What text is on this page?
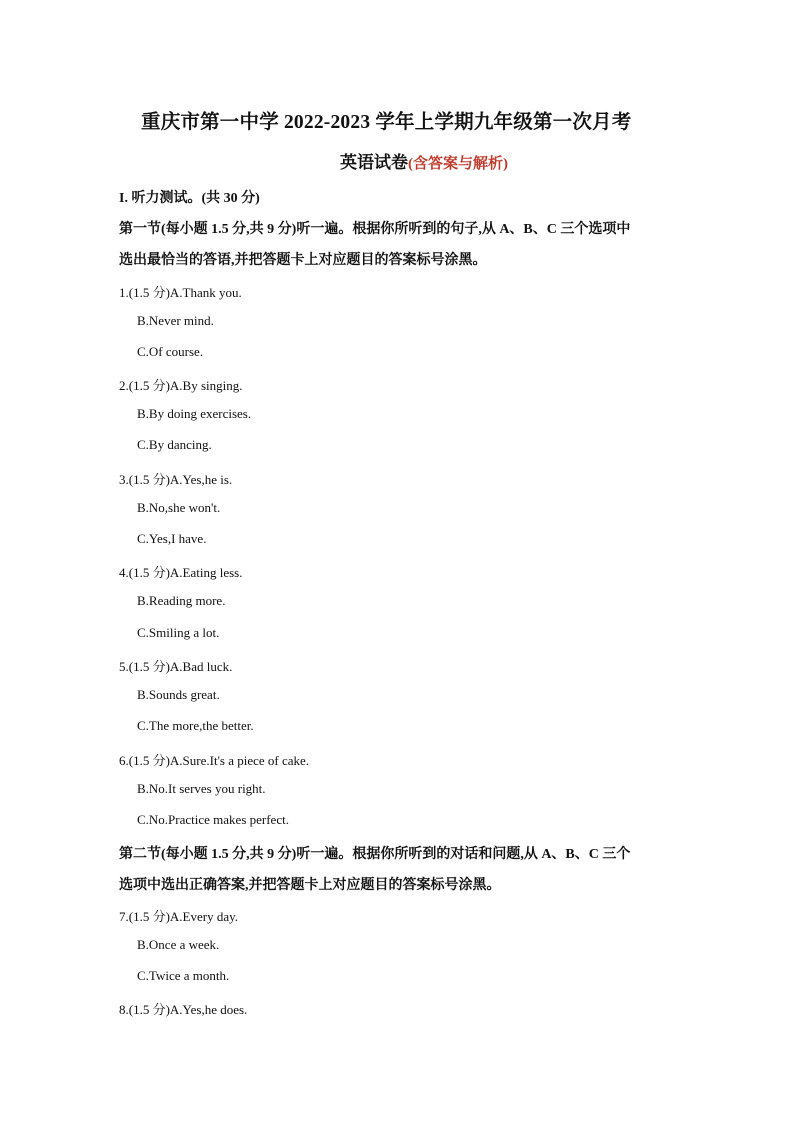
重庆市第一中学 2022-2023 学年上学期九年级第一次月考
英语试卷(含答案与解析)
I. 听力测试。(共 30 分)
第一节(每小题 1.5 分,共 9 分)听一遍。根据你所听到的句子,从 A、B、C 三个选项中
选出最恰当的答语,并把答题卡上对应题目的答案标号涂黑。
1.(1.5 分)A.Thank you.
B.Never mind.
C.Of course.
2.(1.5 分)A.By singing.
B.By doing exercises.
C.By dancing.
3.(1.5 分)A.Yes,he is.
B.No,she won't.
C.Yes,I have.
4.(1.5 分)A.Eating less.
B.Reading more.
C.Smiling a lot.
5.(1.5 分)A.Bad luck.
B.Sounds great.
C.The more,the better.
6.(1.5 分)A.Sure.It's a piece of cake.
B.No.It serves you right.
C.No.Practice makes perfect.
第二节(每小题 1.5 分,共 9 分)听一遍。根据你所听到的对话和问题,从 A、B、C 三个
选项中选出正确答案,并把答题卡上对应题目的答案标号涂黑。
7.(1.5 分)A.Every day.
B.Once a week.
C.Twice a month.
8.(1.5 分)A.Yes,he does.
